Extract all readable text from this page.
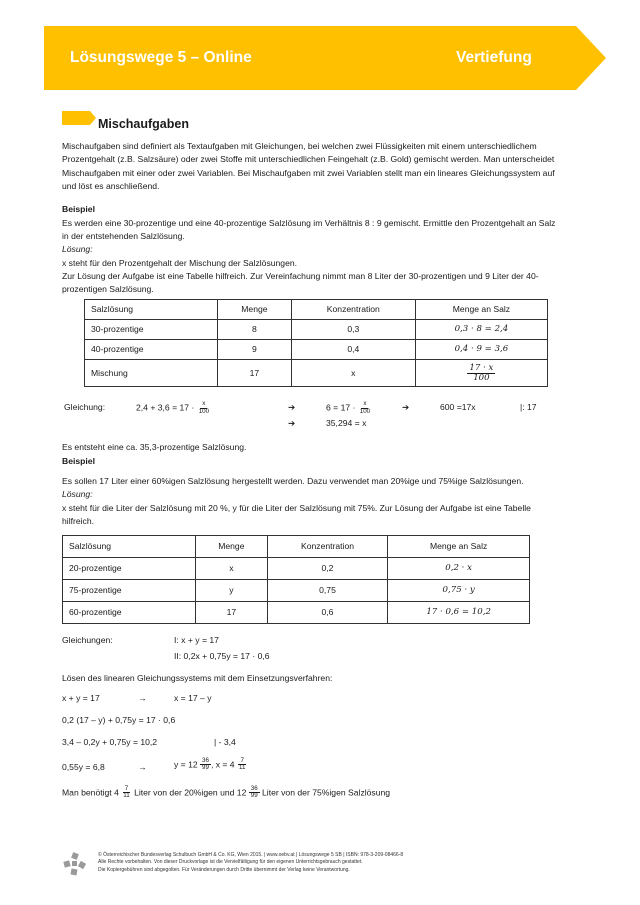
Lösungswege 5 – Online	Vertiefung
Mischaufgaben

Mischaufgaben sind definiert als Textaufgaben mit Gleichungen, bei welchen zwei Flüssigkeiten mit einem unterschiedlichem Prozentgehalt (z.B. Salzsäure) oder zwei Stoffe mit unterschiedlichen Feingehalt (z.B. Gold) gemischt werden. Man unterscheidet Mischaufgaben mit einer oder zwei Variablen. Bei Mischaufgaben mit zwei Variablen stellt man ein lineares Gleichungssystem auf und löst es anschließend.

Beispiel

Es werden eine 30-prozentige und eine 40-prozentige Salzlösung im Verhältnis 8 : 9 gemischt. Ermittle den Prozentgehalt an Salz in der entstehenden Salzlösung.

Lösung:

x steht für den Prozentgehalt der Mischung der Salzlösungen.

Zur Lösung der Aufgabe ist eine Tabelle hilfreich. Zur Vereinfachung nimmt man 8 Liter der 30-prozentigen und 9 Liter der 40-prozentigen Salzlösung.

Salzlösung	Menge	Konzentration	Menge an Salz
30-prozentige	8	0,3	0,3 · 8 = 2,4
40-prozentige	9	0,4	0,4 · 9 = 3,6
Mischung	17	x	$\frac{17 \cdot x}{100}$
Gleichung:	$2,4 + 3,6 = 17 \cdot \frac{x}{100}$	➔	$6 = 17 \cdot \frac{x}{100}$	➔	600 =17x	|: 17
➔	35,294 = x

Es entsteht eine ca. 35,3-prozentige Salzlösung.

Beispiel

Es sollen 17 Liter einer 60%igen Salzlösung hergestellt werden. Dazu verwendet man 20%ige und 75%ige Salzlösungen.

Lösung:

x steht für die Liter der Salzlösung mit 20 %, y für die Liter der Salzlösung mit 75%. Zur Lösung der Aufgabe ist eine Tabelle hilfreich.

Salzlösung	Menge	Konzentration	Menge an Salz
20-prozentige	x	0,2	0,2 · x
75-prozentige	y	0,75	0,75 · y
60-prozentige	17	0,6	17 · 0,6 = 10,2
Gleichungen:	I: x + y = 17
II: 0,2x + 0,75y = 17 · 0,6

Lösen des linearen Gleichungssystems mit dem Einsetzungsverfahren:

x + y = 17	→	x = 17 – y
0,2 (17 – y) + 0,75y = 17 · 0,6
3,4 – 0,2y + 0,75y = 10,2	| - 3,4
0,55y = 6,8	→	$y = 12 \frac{36}{99}$ , $x = 4 \frac{7}{11}$

Man benötigt $4 \frac{7}{11}$ Liter von der 20%igen und $12 \frac{36}{99}$ Liter von der 75%igen Salzlösung

© Österreichischer Bundesverlag Schulbuch GmbH & Co. KG, Wien 2015. | www.oebv.at | Lösungswege 5 SB | ISBN: 978-3-209-08466-8
Alle Rechte vorbehalten. Von dieser Druckvorlage ist die Vervielfältigung für den eigenen Unterrichtsgebrauch gestattet.
Die Kopiergebühren sind abgegolten. Für Veränderungen durch Dritte übernimmt der Verlag keine Verantwortung.
